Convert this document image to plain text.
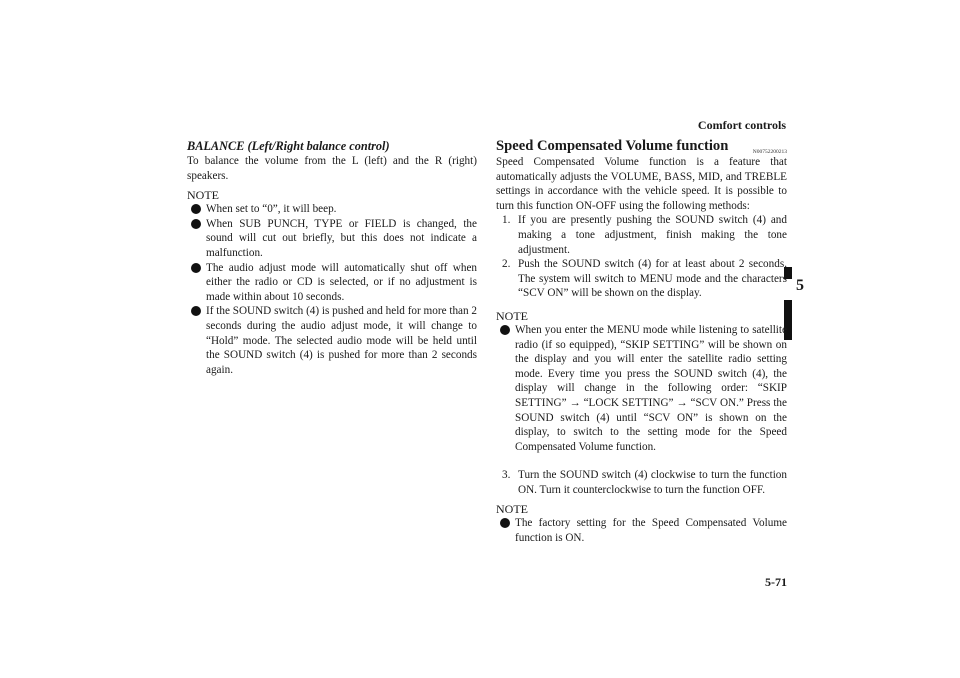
Comfort controls
5
BALANCE (Left/Right balance control)

To balance the volume from the L (left) and the R (right) speakers.

NOTE
When set to “0”, it will beep.
When SUB PUNCH, TYPE or FIELD is changed, the sound will cut out briefly, but this does not indicate a malfunction.
The audio adjust mode will automatically shut off when either the radio or CD is selected, or if no adjustment is made within about 10 seconds.
If the SOUND switch (4) is pushed and held for more than 2 seconds during the audio adjust mode, it will change to “Hold” mode. The selected audio mode will be held until the SOUND switch (4) is pushed for more than 2 seconds again.
Speed Compensated Volume function	N00752200213

Speed Compensated Volume function is a feature that automatically adjusts the VOLUME, BASS, MID, and TREBLE settings in accordance with the vehicle speed. It is possible to turn this function ON-OFF using the following methods:

1. If you are presently pushing the SOUND switch (4) and making a tone adjustment, finish making the tone adjustment.
2. Push the SOUND switch (4) for at least about 2 seconds. The system will switch to MENU mode and the characters “SCV ON” will be shown on the display.
NOTE
When you enter the MENU mode while listening to satellite radio (if so equipped), “SKIP SETTING” will be shown on the display and you will enter the satellite radio setting mode. Every time you press the SOUND switch (4), the display will change in the following order: “SKIP SETTING” → “LOCK SETTING” → “SCV ON.” Press the SOUND switch (4) until “SCV ON” is shown on the display, to switch to the setting mode for the Speed Compensated Volume function.
3. Turn the SOUND switch (4) clockwise to turn the function ON. Turn it counterclockwise to turn the function OFF.
NOTE
The factory setting for the Speed Compensated Volume function is ON.
5-71
